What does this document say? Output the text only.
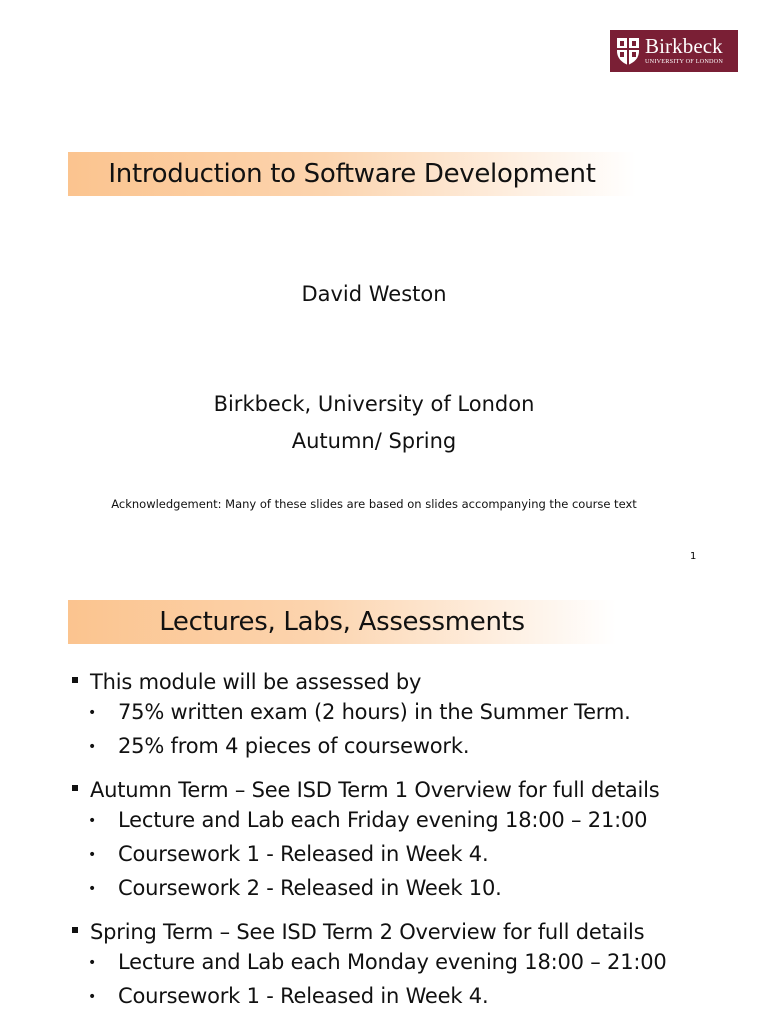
Birkbeck
UNIVERSITY OF LONDON
Introduction to Software Development
David Weston
Birkbeck, University of London
Autumn/ Spring
Acknowledgement: Many of these slides are based on slides accompanying the course text
1
Lectures, Labs, Assessments
This module will be assessed by
•	75% written exam (2 hours) in the Summer Term.
•	25% from 4 pieces of coursework.
Autumn Term – See ISD Term 1 Overview for full details
•	Lecture and Lab each Friday evening 18:00 – 21:00
•	Coursework 1 - Released in Week 4.
•	Coursework 2 - Released in Week 10.
Spring Term – See ISD Term 2 Overview for full details
•	Lecture and Lab each Monday evening 18:00 – 21:00
•	Coursework 1 - Released in Week 4.
